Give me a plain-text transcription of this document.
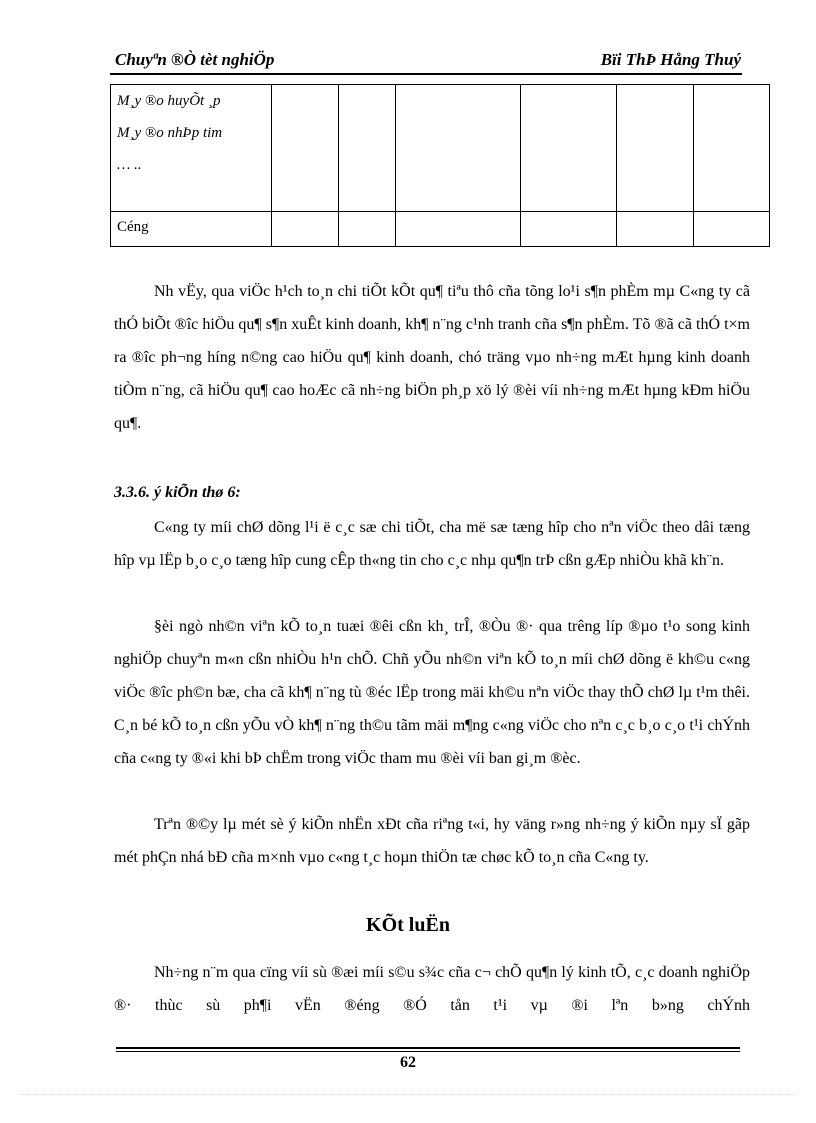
Chuyªn ®Ò tèt nghiÖp	Bïi ThÞ Hång Thuý
M¸y ®o huyÕt ¸p
M¸y ®o nhÞp tim
… ..						

Céng						

Nh vËy, qua viÖc h¹ch to¸n chi tiÕt kÕt qu¶ tiªu thô cña tõng lo¹i s¶n phÈm mµ C«ng ty cã thÓ biÕt ®îc hiÖu qu¶ s¶n xuÊt kinh doanh, kh¶ n¨ng c¹nh tranh cña s¶n phÈm. Tõ ®ã cã thÓ t×m ra ®îc ph¬ng híng n©ng cao hiÖu qu¶ kinh doanh, chó träng vµo nh÷ng mÆt hµng kinh doanh tiÒm n¨ng, cã hiÖu qu¶ cao hoÆc cã nh÷ng biÖn ph¸p xö lý ®èi víi nh÷ng mÆt hµng kÐm hiÖu qu¶.

3.3.6. ý kiÕn thø 6:

C«ng ty míi chØ dõng l¹i ë c¸c sæ chi tiÕt, cha më sæ tæng hîp cho nªn viÖc theo dâi tæng hîp vµ lËp b¸o c¸o tæng hîp cung cÊp th«ng tin cho c¸c nhµ qu¶n trÞ cßn gÆp nhiÒu khã kh¨n.

§èi ngò nh©n viªn kÕ to¸n tuæi ®êi cßn kh¸ trÎ, ®Òu ®· qua trêng líp ®µo t¹o song kinh nghiÖp chuyªn m«n cßn nhiÒu h¹n chÕ. Chñ yÕu nh©n viªn kÕ to¸n míi chØ dõng ë kh©u c«ng viÖc ®îc ph©n bæ, cha cã kh¶ n¨ng tù ®éc lËp trong mäi kh©u nªn viÖc thay thÕ chØ lµ t¹m thêi. C¸n bé kÕ to¸n cßn yÕu vÒ kh¶ n¨ng th©u tãm mäi m¶ng c«ng viÖc cho nªn c¸c b¸o c¸o t¹i chÝnh cña c«ng ty ®«i khi bÞ chËm trong viÖc tham mu ®èi víi ban gi¸m ®èc.

Trªn ®©y lµ mét sè ý kiÕn nhËn xÐt cña riªng t«i, hy väng r»ng nh÷ng ý kiÕn nµy sÏ gãp mét phÇn nhá bÐ cña m×nh vµo c«ng t¸c hoµn thiÖn tæ chøc kÕ to¸n cña C«ng ty.

KÕt luËn

Nh÷ng n¨m qua cïng víi sù ®æi míi s©u s¾c cña c¬ chÕ qu¶n lý kinh tÕ, c¸c doanh nghiÖp ®· thùc sù ph¶i vËn ®éng ®Ó tån t¹i vµ ®i lªn b»ng chÝnh

62
